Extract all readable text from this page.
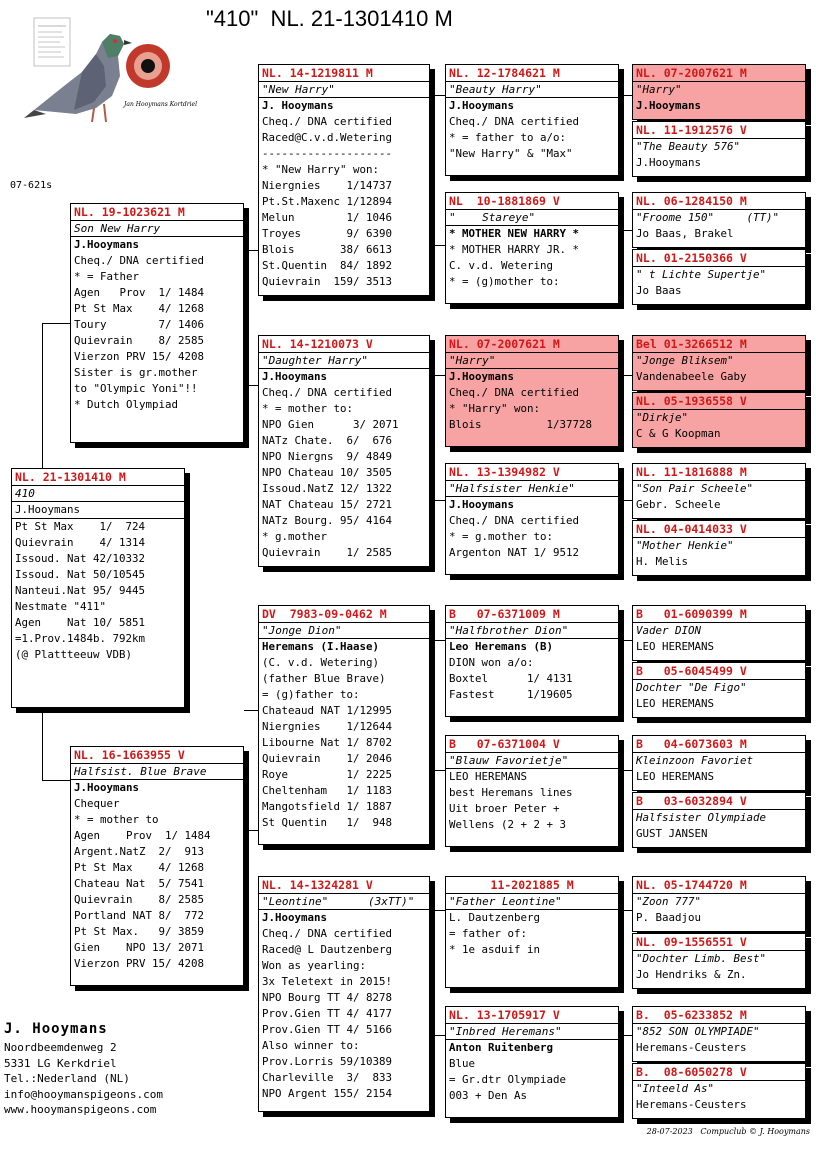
"410"  NL. 21-1301410 M
Jan Hooymans Kortdriel
07-621s
NL. 21-1301410 M
410
J.Hooymans
Pt St Max    1/  724
Quievrain    4/ 1314
Issoud. Nat 42/10332
Issoud. Nat 50/10545
Nanteui.Nat 95/ 9445
Nestmate "411"
Agen    Nat 10/ 5851
=1.Prov.1484b. 792km
(@ Plattteeuw VDB)
NL. 19-1023621 M
Son New Harry
J.Hooymans
Cheq./ DNA certified
* = Father
Agen   Prov  1/ 1484
Pt St Max    4/ 1268
Toury        7/ 1406
Quievrain    8/ 2585
Vierzon PRV 15/ 4208
Sister is gr.mother
to "Olympic Yoni"!!
* Dutch Olympiad
NL. 16-1663955 V
Halfsist. Blue Brave
J.Hooymans
Chequer
* = mother to
Agen    Prov  1/ 1484
Argent.NatZ  2/  913
Pt St Max    4/ 1268
Chateau Nat  5/ 7541
Quievrain    8/ 2585
Portland NAT 8/  772
Pt St Max.   9/ 3859
Gien    NPO 13/ 2071
Vierzon PRV 15/ 4208
NL. 14-1219811 M
"New Harry"
J. Hooymans
Cheq./ DNA certified
Raced@C.v.d.Wetering
--------------------
* "New Harry" won:
Niergnies    1/14737
Pt.St.Maxenc 1/12894
Melun        1/ 1046
Troyes       9/ 6390
Blois       38/ 6613
St.Quentin  84/ 1892
Quievrain  159/ 3513
NL. 14-1210073 V
"Daughter Harry"
J.Hooymans
Cheq./ DNA certified
* = mother to:
NPO Gien      3/ 2071
NATz Chate.  6/  676
NPO Niergns  9/ 4849
NPO Chateau 10/ 3505
Issoud.NatZ 12/ 1322
NAT Chateau 15/ 2721
NATz Bourg. 95/ 4164
* g.mother
Quievrain    1/ 2585
DV  7983-09-0462 M
"Jonge Dion"
Heremans (I.Haase)
(C. v.d. Wetering)
(father Blue Brave)
= (g)father to:
Chateaud NAT 1/12995
Niergnies    1/12644
Libourne Nat 1/ 8702
Quievrain    1/ 2046
Roye         1/ 2225
Cheltenham   1/ 1183
Mangotsfield 1/ 1887
St Quentin   1/  948
NL. 14-1324281 V
"Leontine"      (3xTT)"
J.Hooymans
Cheq./ DNA certified
Raced@ L Dautzenberg
Won as yearling:
3x Teletext in 2015!
NPO Bourg TT 4/ 8278
Prov.Gien TT 4/ 4177
Prov.Gien TT 4/ 5166
Also winner to:
Prov.Lorris 59/10389
Charleville  3/  833
NPO Argent 155/ 2154
NL. 12-1784621 M
"Beauty Harry"
J.Hooymans
Cheq./ DNA certified
* = father to a/o:
"New Harry" & "Max"
NL  10-1881869 V
"    Stareye"
* MOTHER NEW HARRY *
* MOTHER HARRY JR. *
C. v.d. Wetering
* = (g)mother to:
NL. 07-2007621 M
"Harry"
J.Hooymans
Cheq./ DNA certified
* "Harry" won:
Blois          1/37728
NL. 13-1394982 V
"Halfsister Henkie"
J.Hooymans
Cheq./ DNA certified
* = g.mother to:
Argenton NAT 1/ 9512
B   07-6371009 M
"Halfbrother Dion"
Leo Heremans (B)
DION won a/o:
Boxtel      1/ 4131
Fastest     1/19605
B   07-6371004 V
"Blauw Favorietje"
LEO HEREMANS
best Heremans lines
Uit broer Peter +
Wellens (2 + 2 + 3
11-2021885 M
"Father Leontine"
L. Dautzenberg
= father of:
* 1e asduif in
NL. 13-1705917 V
"Inbred Heremans"
Anton Ruitenberg
Blue
= Gr.dtr Olympiade
003 + Den As
NL. 07-2007621 M
"Harry"
J.Hooymans
NL. 11-1912576 V
"The Beauty 576"
J.Hooymans
NL. 06-1284150 M
"Froome 150"     (TT)"
Jo Baas, Brakel
NL. 01-2150366 V
" t Lichte Supertje"
Jo Baas
Bel 01-3266512 M
"Jonge Bliksem"
Vandenabeele Gaby
NL. 05-1936558 V
"Dirkje"
C & G Koopman
NL. 11-1816888 M
"Son Pair Scheele"
Gebr. Scheele
NL. 04-0414033 V
"Mother Henkie"
H. Melis
B   01-6090399 M
Vader DION
LEO HEREMANS
B   05-6045499 V
Dochter "De Figo"
LEO HEREMANS
B   04-6073603 M
Kleinzoon Favoriet
LEO HEREMANS
B   03-6032894 V
Halfsister Olympiade
GUST JANSEN
NL. 05-1744720 M
"Zoon 777"
P. Baadjou
NL. 09-1556551 V
"Dochter Limb. Best"
Jo Hendriks & Zn.
B.  05-6233852 M
"852 SON OLYMPIADE"
Heremans-Ceusters
B.  08-6050278 V
"Inteeld As"
Heremans-Ceusters
J. Hooymans
Noordbeemdenweg 2
5331 LG Kerkdriel
Tel.:Nederland (NL)
info@hooymanspigeons.com
www.hooymanspigeons.com
28-07-2023   Compuclub © J. Hooymans
